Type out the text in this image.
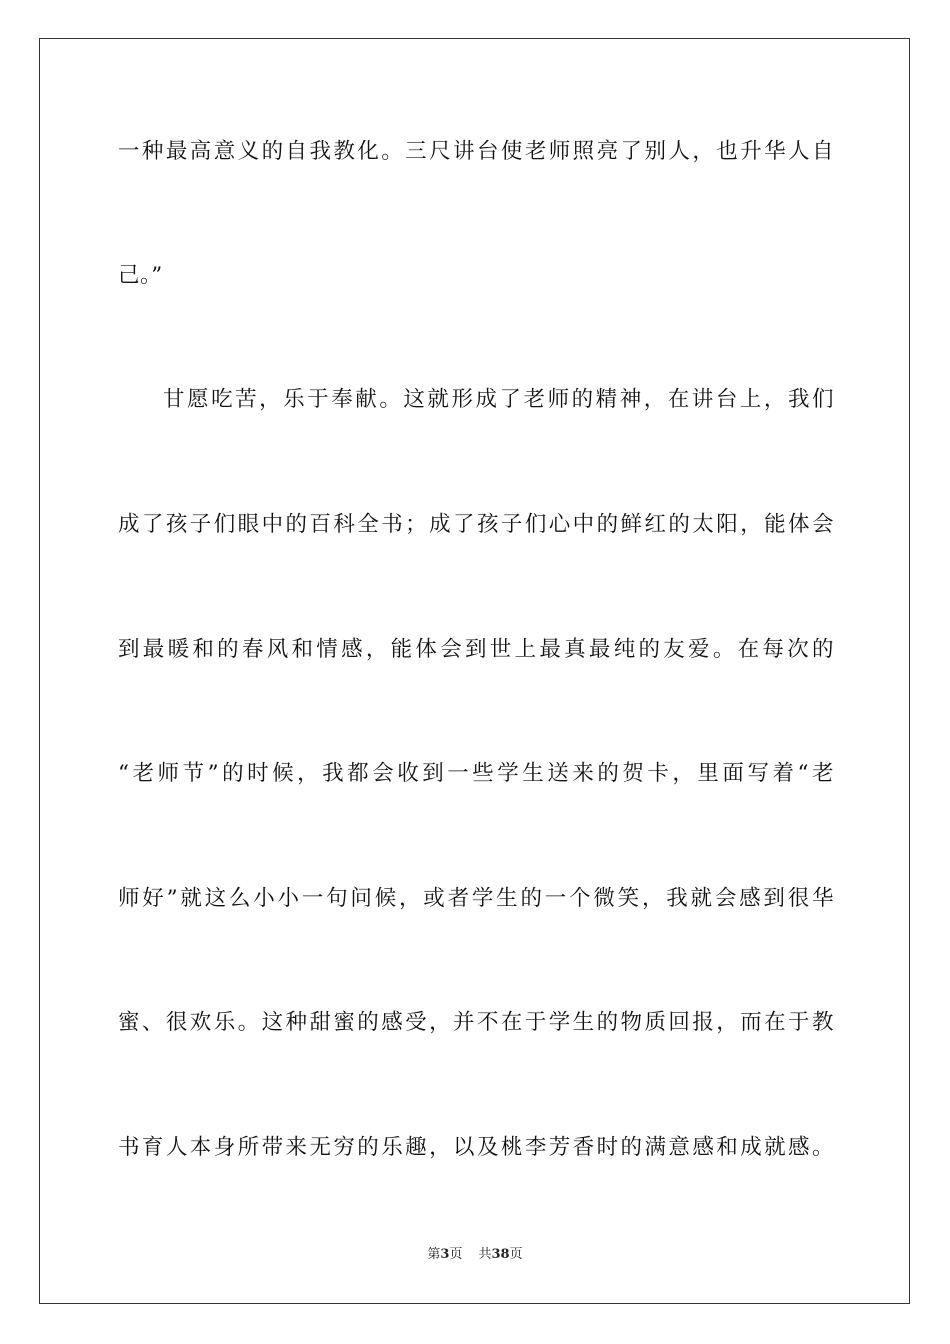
一种最高意义的自我教化。三尺讲台使老师照亮了别人，也升华人自
己。”
甘愿吃苦，乐于奉献。这就形成了老师的精神，在讲台上，我们
成了孩子们眼中的百科全书；成了孩子们心中的鲜红的太阳，能体会
到最暖和的春风和情感，能体会到世上最真最纯的友爱。在每次的
“老师节”的时候，我都会收到一些学生送来的贺卡，里面写着“老
师好”就这么小小一句问候，或者学生的一个微笑，我就会感到很华
蜜、很欢乐。这种甜蜜的感受，并不在于学生的物质回报，而在于教
书育人本身所带来无穷的乐趣，以及桃李芳香时的满意感和成就感。
第3页 共38页
